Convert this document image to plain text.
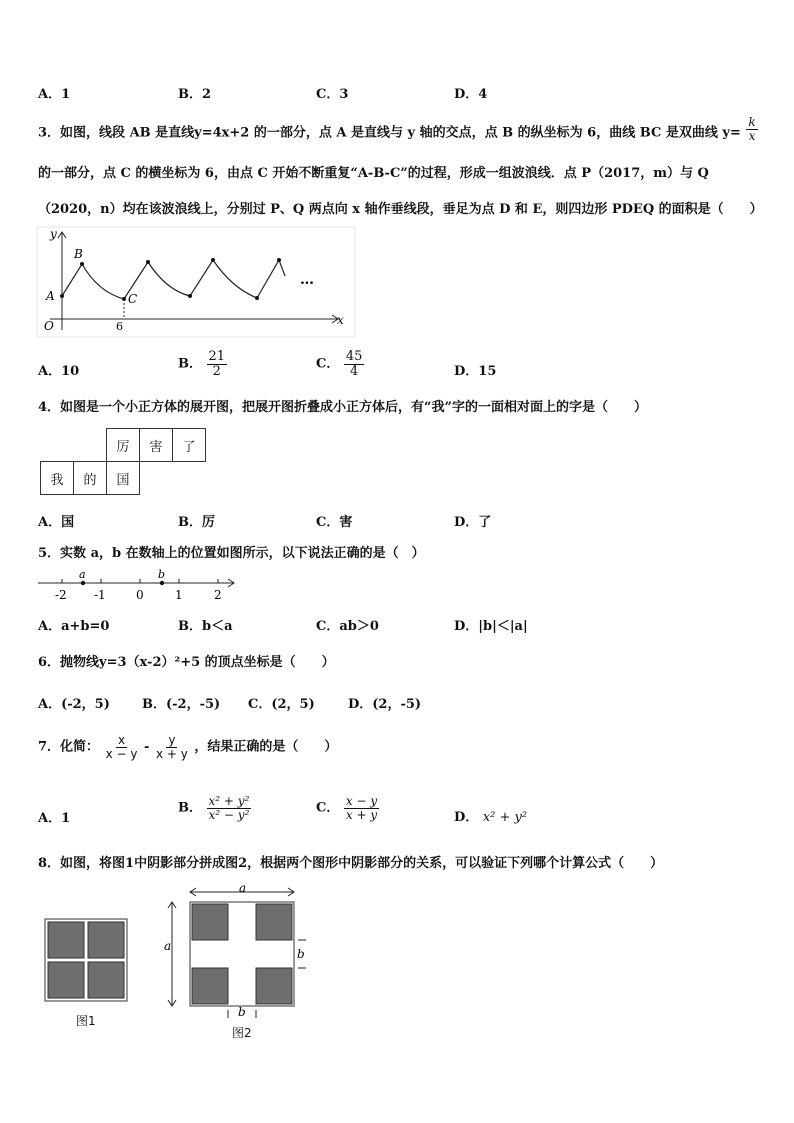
A．1	B．2	C．3	D．4
3．如图，线段 AB 是直线y=4x+2 的一部分，点 A 是直线与 y 轴的交点，点 B 的纵坐标为 6，曲线 BC 是双曲线 $y= \frac{k}{x}$
的一部分，点 C 的横坐标为 6，由点 C 开始不断重复“A-B-C”的过程，形成一组波浪线．点 P（2017，m）与 Q
（2020，n）均在该波浪线上，分别过 P、Q 两点向 x 轴作垂线段，垂足为点 D 和 E，则四边形 PDEQ 的面积是（　　）
y
x
B
A	C
O	6
…
A．10	B． $\frac{21}{2}$	C． $\frac{45}{4}$	D．15
4．如图是一个小正方体的展开图，把展开图折叠成小正方体后，有“我”字的一面相对面上的字是（　　）
		厉	害	了
我	的	国		
A．国	B．厉	C．害	D．了
5．实数 a，b 在数轴上的位置如图所示，以下说法正确的是（　）
a	b
-2 -1	0	1	2
A．a+b=0	B．b＜a	C．ab＞0	D．|b|＜|a|
6．抛物线y=3（x-2）²+5 的顶点坐标是（　　）
A．(-2，5) B．(-2，-5) C．(2，5)	D．(2，-5)
7．化简： $\frac{x}{x - y} - \frac{y}{x + y}$ ，结果正确的是（　　）
A．1
B． $\frac{\text{x² + y²}}{\text{x² − y²}}$	C． $\frac{x - y}{x + y}$	D． x² + y²
8．如图，将图1中阴影部分拼成图2，根据两个图形中阴影部分的关系，可以验证下列哪个计算公式（　　）
图1
a
a
b
b
图2
